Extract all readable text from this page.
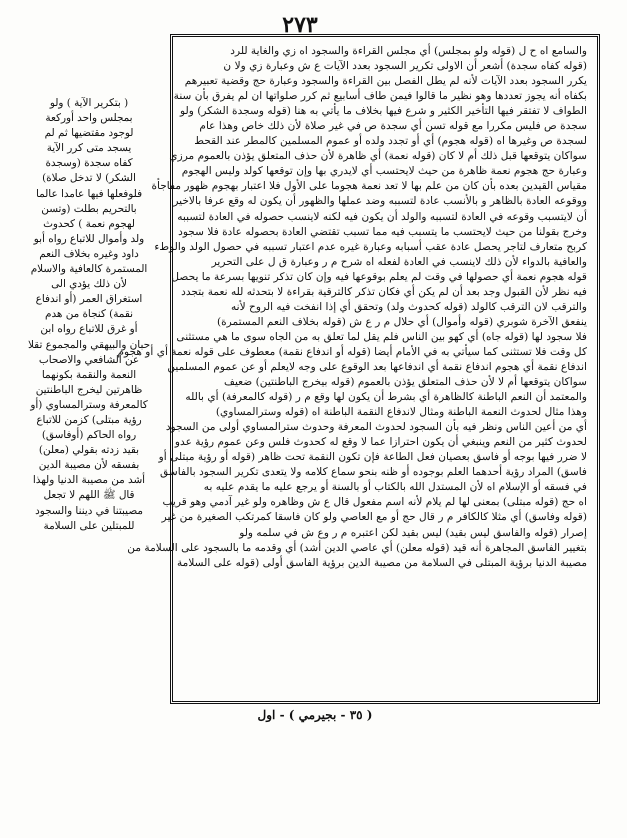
٢٧٣
والسامع اه ح ل (قوله ولو بمجلس) أي مجلس القراءة والسجود اه زي والغاية للرد
(قوله كفاه سجدة) أشعر أن الاولى تكرير السجود بعدد الآيات ع ش وعبارة زي ولا ن
يكرر السجود بعدد الآيات لأنه لم يطل الفصل بين القراءة والسجود وعبارة حج وقضية تعبيرهم
بكفاه أنه يجوز تعددها وهو نظير ما قالوا فيمن طاف أسابيع ثم كرر صلواتها ان لم يفرق بأن سنة
الطواف لا تفتقر فيها التأخير الكثير و شرع فيها بخلاف ما يأتي به هنا (قوله وسجدة الشكر) ولو
سجدة ص فليس مكررا مع قوله تسن أي سجدة ص في غير صلاة لأن ذلك خاص وهذا عام
لسجدة ص وغيرها اه (قوله هجوم) أي أو تجدد ولده أو عموم المسلمين كالمطر عند القحط
سواكان يتوقعها قبل ذلك أم لا كان (قوله نعمة) أي ظاهرة لأن حذف المتعلق يؤذن بالعموم مرزي
وعبارة حج هجوم نعمة ظاهرة من حيث لايحتسب أي لايدري بها وإن توقعها كولد وليس الهجوم
مقياس القيدين بعده بأن كان من علم بها لا تعد نعمة هجوما على الأول فلا اعتبار بهجوم ظهور مفاجأة
ووقوعه العادة بالظاهر و بالأنسب عادة لتسببه وضد عملها والظهور أن يكون له وقع عرفا بالاخير
أن لايتسبب وقوعه في العادة لتسببه والولد أن يكون فيه لكنه لاينسب حصوله في العادة لتسببه
وخرج بقولنا من حيث لايحتسب ما يتسبب فيه مما تسبب تقتضي العادة بحصوله عادة فلا سجود
كربح متعارف لتاجر يحصل عادة عقب أسبابه وعبارة غيره عدم اعتبار تسببه في حصول الولد والوطء
والعافية بالدواء لأن ذلك لاينسب في العادة لفعله اه شرح م ر وعبارة ق ل على التحرير
قوله هجوم نعمة أي حصولها في وقت لم يعلم بوقوعها فيه وإن كان تذكر تنويها بسرعة ما يحصل
فيه نظر لأن القبول وجد بعد أن لم يكن أي فكان تذكر كالترقية بقراءة لا بتحدثه لله نعمة بتجدد
والترقب لان الترقب كالولد (قوله كحدوث ولد) وتحقق أي إذا انفخت فيه الروح لأنه
ينفعق الآخرة شوبري (قوله وأموال) أي حلال م ر ع ش (قوله بخلاف النعم المستمرة)
فلا سجود لها (قوله جاه) أي كهو بين الناس فلم يقل لما تعلق به من الجاه سوى ما هي مستثنى
كل وقت فلا تستثنى كما سيأتي به في الأمام أيضا (قوله أو اندفاع نقمة) معطوف على قوله نعمة أي أو هجوم
اندفاع نقمة أي هجوم اندفاع نقمة أي اندفاعها بعد الوقوع على وجه لايعلم أو عن عموم المسلمين
سواكان يتوقعها أم لا لأن حذف المتعلق يؤذن بالعموم (قوله بيخرج الباطنتين) ضعيف
والمعتمد أن النعم الباطنة كالظاهرة أي بشرط أن يكون لها وقع م ر (قوله كالمعرفة) أي بالله
وهذا مثال لحدوث النعمة الباطنة ومثال لاندفاع النقمة الباطنة اه (قوله وسترالمساوي)
أي من أعين الناس ونظر فيه بأن السجود لحدوث المعرفة وحدوث سترالمساوي أولى من السجود
لحدوث كثير من النعم وينبغي أن يكون احترازا عما لا وقع له كحدوث فلس وعن عموم رؤية عدو
لا ضرر فيها بوجه أو فاسق بعصيان فعل الطاعة فإن تكون النقمة تحت ظاهر (قوله أو رؤية مبتلى أو
فاسق) المراد رؤية أحدهما العلم بوجوده أو ظنه بنحو سماع كلامه ولا يتعدى تكرير السجود بالفاسق
في فسقه أو الإسلام اه لأن المستدل الله بالكتاب أو بالسنة أو يرجع عليه ما يقدم عليه به
اه حج (قوله مبتلى) بمعنى لها لم يلام لأنه اسم مفعول قال ع ش وظاهره ولو غير آدمي وهو قريب
(قوله وفاسق) أي مثلا كالكافر م ر قال حج أو مع العاصي ولو كان فاسقا كمرتكب الصغيرة من غير
إصرار (قوله والفاسق ليس بقيد) ليس بقيد لكن اعتبره م ر وع ش في سلمه ولو
بتغيير الفاسق المجاهرة أنه قيد (قوله معلن) أي عاصي الدين أشد) أي وقدمه ما بالسجود على السلامة من
مصيبة الدنيا برؤية المبتلى في السلامة من مصيبة الدين برؤية الفاسق أولى (قوله على السلامة
( بتكرير الآية ) ولو
بمجلس واحد أوركعة
لوجود مقتضيها ثم لم
يسجد متى كرر الآية
كفاه سجدة (وسجدة
الشكر) لا تدخل صلاة)
فلوفعلها فيها عامدا عالما
بالتحريم بطلت (وتسن
لهجوم نعمة ) كحدوث
ولد وأموال للاتباع رواه أبو
داود وغيره بخلاف النعم
المستمرة كالعافية والاسلام
لأن ذلك يؤدي الى
استغراق العمر (أو اندفاع
نقمة) كنجاة من هدم
أو غرق للاتباع رواه ابن
حبان والبيهقي والمجموع تقلا
عن الشافعي والاصحاب
النعمة والنقمة بكونهما
ظاهرتين ليخرج الباطنتين
كالمعرفة وسترالمساوي (أو
رؤية مبتلى) كزمن للاتباع
رواه الحاكم (أوفاسق)
بقيد زدته بقولي (معلن)
بفسقه لأن مصيبة الدين
أشد من مصيبة الدنيا ولهذا
قال ﷺ اللهم لا تجعل
مصيبتنا في ديننا والسجود
للمبتلين على السلامة
( ٣٥ - بجيرمي ) - اول
